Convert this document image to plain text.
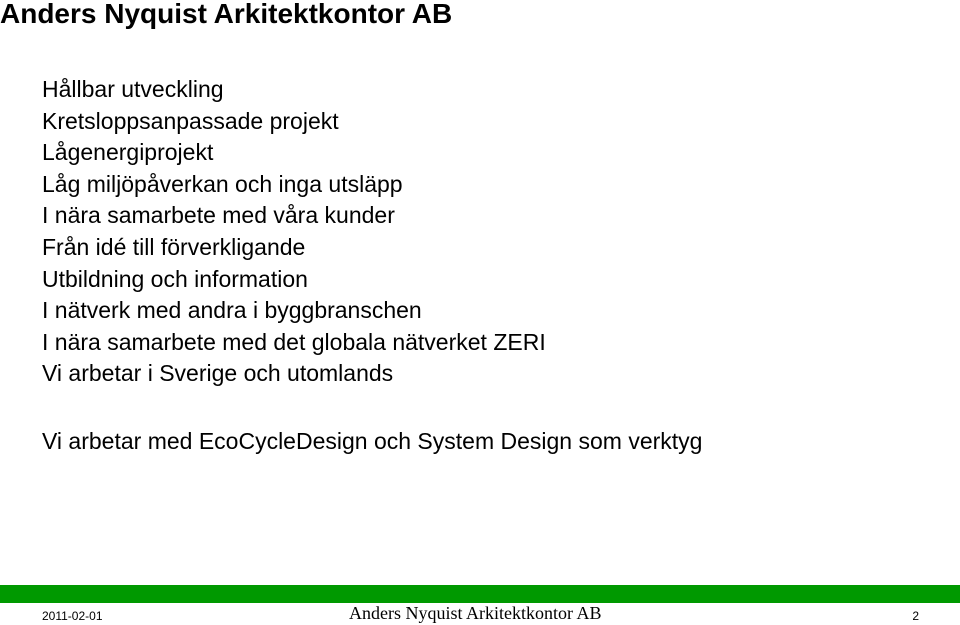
Anders Nyquist Arkitektkontor AB
Hållbar utveckling
Kretsloppsanpassade projekt
Lågenergiprojekt
Låg miljöpåverkan och inga utsläpp
I nära samarbete med våra kunder
Från idé till förverkligande
Utbildning och information
I nätverk med andra i byggbranschen
I nära samarbete med det globala nätverket ZERI
Vi arbetar i Sverige och utomlands
Vi arbetar med EcoCycleDesign och System Design som verktyg
2011-02-01	Anders Nyquist Arkitektkontor AB	2
